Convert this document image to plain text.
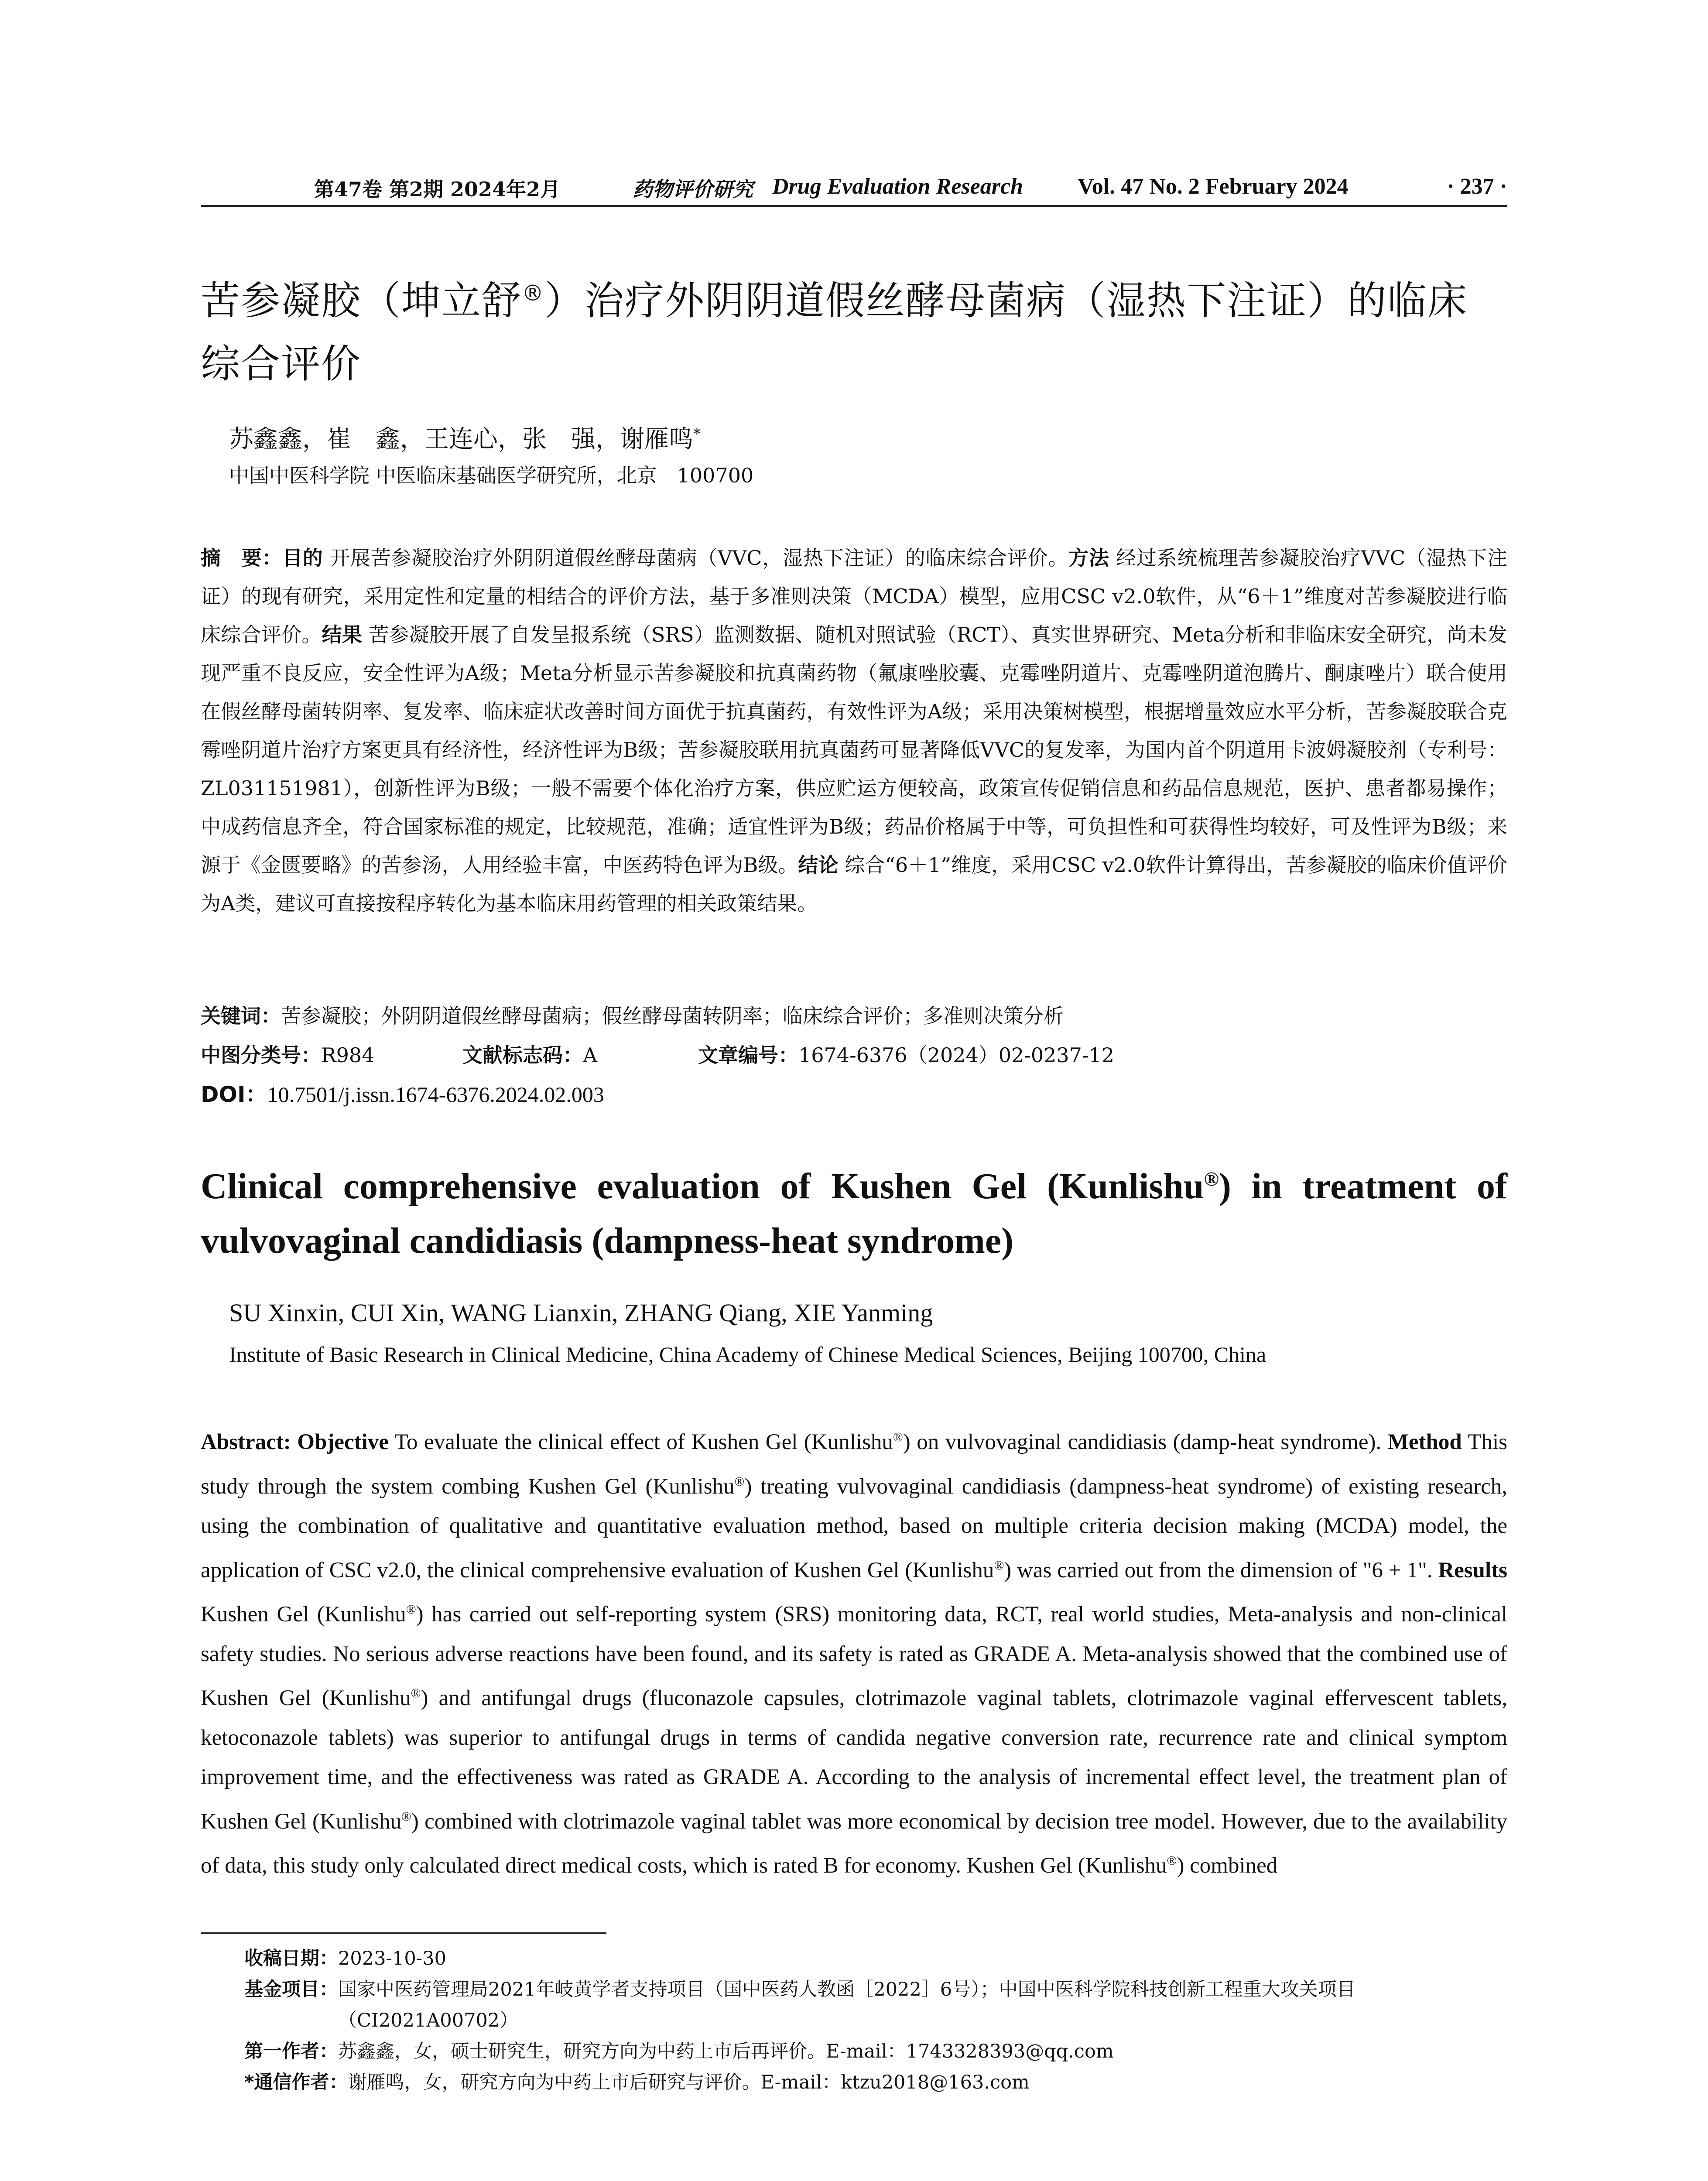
第47卷 第2期 2024年2月	药物评价研究 Drug Evaluation Research Vol. 47 No. 2 February 2024	· 237 ·
苦参凝胶（坤立舒®）治疗外阴阴道假丝酵母菌病（湿热下注证）的临床综合评价
苏鑫鑫，崔　鑫，王连心，张　强，谢雁鸣*
中国中医科学院 中医临床基础医学研究所，北京　100700
摘　要：目的 开展苦参凝胶治疗外阴阴道假丝酵母菌病（VVC，湿热下注证）的临床综合评价。方法 经过系统梳理苦参凝胶治疗VVC（湿热下注证）的现有研究，采用定性和定量的相结合的评价方法，基于多准则决策（MCDA）模型，应用CSC v2.0软件，从“6＋1”维度对苦参凝胶进行临床综合评价。结果 苦参凝胶开展了自发呈报系统（SRS）监测数据、随机对照试验（RCT）、真实世界研究、Meta分析和非临床安全研究，尚未发现严重不良反应，安全性评为A级；Meta分析显示苦参凝胶和抗真菌药物（氟康唑胶囊、克霉唑阴道片、克霉唑阴道泡腾片、酮康唑片）联合使用在假丝酵母菌转阴率、复发率、临床症状改善时间方面优于抗真菌药，有效性评为A级；采用决策树模型，根据增量效应水平分析，苦参凝胶联合克霉唑阴道片治疗方案更具有经济性，经济性评为B级；苦参凝胶联用抗真菌药可显著降低VVC的复发率，为国内首个阴道用卡波姆凝胶剂（专利号：ZL031151981），创新性评为B级；一般不需要个体化治疗方案，供应贮运方便较高，政策宣传促销信息和药品信息规范，医护、患者都易操作；中成药信息齐全，符合国家标准的规定，比较规范，准确；适宜性评为B级；药品价格属于中等，可负担性和可获得性均较好，可及性评为B级；来源于《金匮要略》的苦参汤，人用经验丰富，中医药特色评为B级。结论 综合“6＋1”维度，采用CSC v2.0软件计算得出，苦参凝胶的临床价值评价为A类，建议可直接按程序转化为基本临床用药管理的相关政策结果。
关键词：苦参凝胶；外阴阴道假丝酵母菌病；假丝酵母菌转阴率；临床综合评价；多准则决策分析
中图分类号：R984	文献标志码：A	文章编号：1674-6376（2024）02-0237-12
DOI：10.7501/j.issn.1674-6376.2024.02.003
Clinical comprehensive evaluation of Kushen Gel (Kunlishu®) in treatment of vulvovaginal candidiasis (dampness-heat syndrome)
SU Xinxin, CUI Xin, WANG Lianxin, ZHANG Qiang, XIE Yanming
Institute of Basic Research in Clinical Medicine, China Academy of Chinese Medical Sciences, Beijing 100700, China
Abstract: Objective To evaluate the clinical effect of Kushen Gel (Kunlishu®) on vulvovaginal candidiasis (damp-heat syndrome). Method This study through the system combing Kushen Gel (Kunlishu®) treating vulvovaginal candidiasis (dampness-heat syndrome) of existing research, using the combination of qualitative and quantitative evaluation method, based on multiple criteria decision making (MCDA) model, the application of CSC v2.0, the clinical comprehensive evaluation of Kushen Gel (Kunlishu®) was carried out from the dimension of "6 + 1". Results Kushen Gel (Kunlishu®) has carried out self-reporting system (SRS) monitoring data, RCT, real world studies, Meta-analysis and non-clinical safety studies. No serious adverse reactions have been found, and its safety is rated as GRADE A. Meta-analysis showed that the combined use of Kushen Gel (Kunlishu®) and antifungal drugs (fluconazole capsules, clotrimazole vaginal tablets, clotrimazole vaginal effervescent tablets, ketoconazole tablets) was superior to antifungal drugs in terms of candida negative conversion rate, recurrence rate and clinical symptom improvement time, and the effectiveness was rated as GRADE A. According to the analysis of incremental effect level, the treatment plan of Kushen Gel (Kunlishu®) combined with clotrimazole vaginal tablet was more economical by decision tree model. However, due to the availability of data, this study only calculated direct medical costs, which is rated B for economy. Kushen Gel (Kunlishu®) combined
收稿日期： 2023-10-30
基金项目： 国家中医药管理局2021年岐黄学者支持项目（国中医药人教函［2022］6号）；中国中医科学院科技创新工程重大攻关项目（CI2021A00702）
第一作者： 苏鑫鑫，女，硕士研究生，研究方向为中药上市后再评价。E-mail：1743328393@qq.com
*通信作者： 谢雁鸣，女，研究方向为中药上市后研究与评价。E-mail：ktzu2018@163.com
